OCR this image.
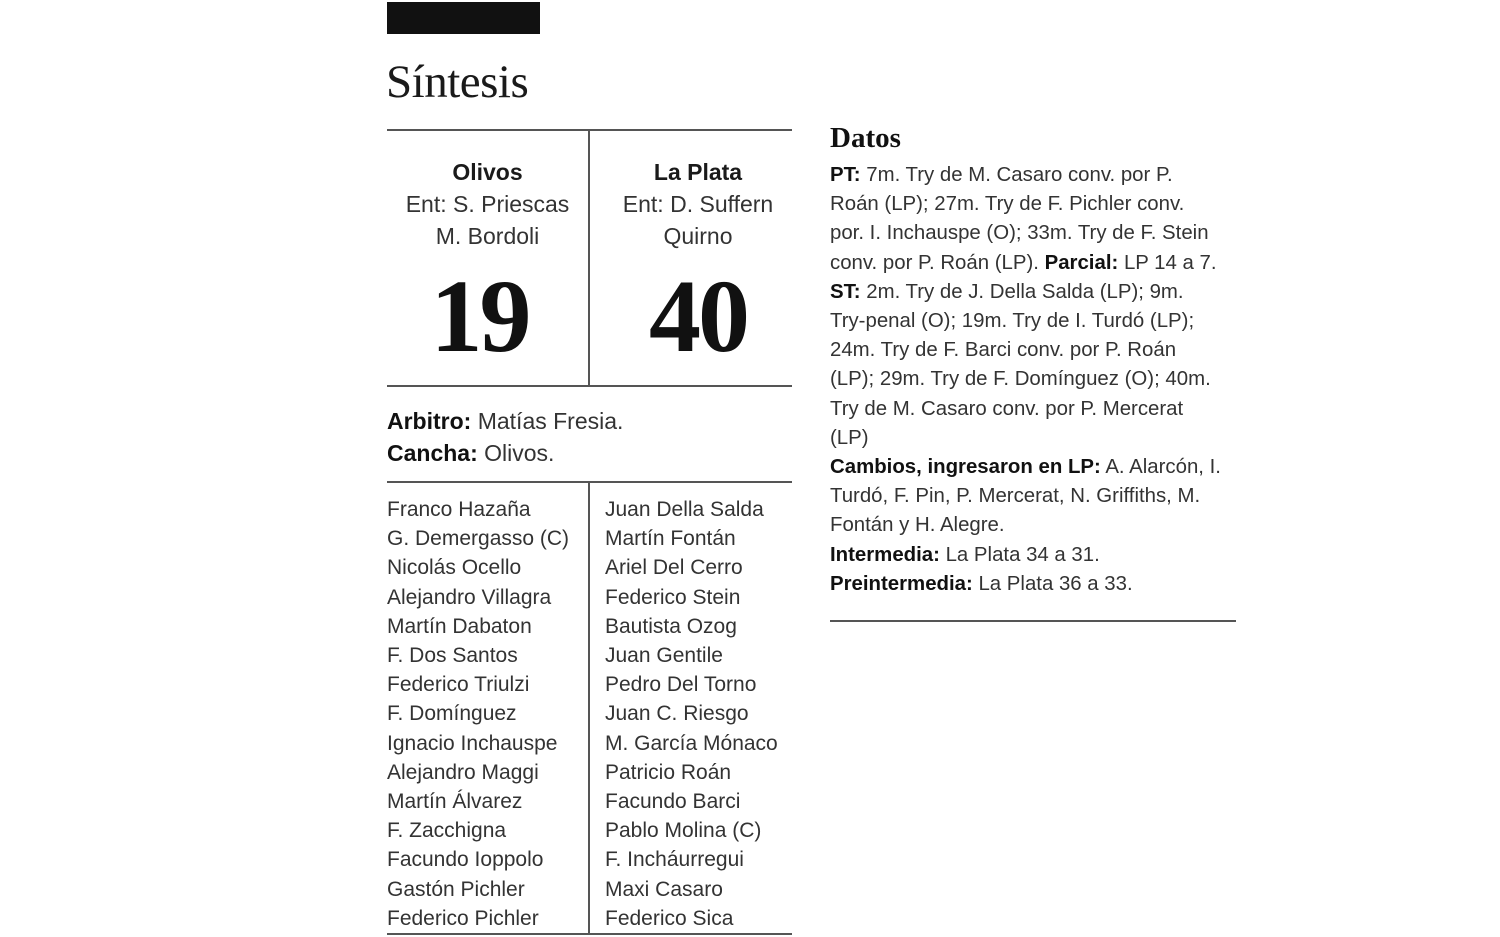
Síntesis
Olivos
Ent: S. Priescas
M. Bordoli
19
La Plata
Ent: D. Suffern
Quirno
40
Arbitro: Matías Fresia.
Cancha: Olivos.
Franco Hazaña
G. Demergasso (C)
Nicolás Ocello
Alejandro Villagra
Martín Dabaton
F. Dos Santos
Federico Triulzi
F. Domínguez
Ignacio Inchauspe
Alejandro Maggi
Martín Álvarez
F. Zacchigna
Facundo Ioppolo
Gastón Pichler
Federico Pichler
Juan Della Salda
Martín Fontán
Ariel Del Cerro
Federico Stein
Bautista Ozog
Juan Gentile
Pedro Del Torno
Juan C. Riesgo
M. García Mónaco
Patricio Roán
Facundo Barci
Pablo Molina (C)
F. Incháurregui
Maxi Casaro
Federico Sica
Datos
PT: 7m. Try de M. Casaro conv. por P.
Roán (LP); 27m. Try de F. Pichler conv.
por. I. Inchauspe (O); 33m. Try de F. Stein
conv. por P. Roán (LP). Parcial: LP 14 a 7.
ST: 2m. Try de J. Della Salda (LP); 9m.
Try-penal (O); 19m. Try de I. Turdó (LP);
24m. Try de F. Barci conv. por P. Roán
(LP); 29m. Try de F. Domínguez (O); 40m.
Try de M. Casaro conv. por P. Mercerat
(LP)
Cambios, ingresaron en LP: A. Alarcón, I.
Turdó, F. Pin, P. Mercerat, N. Griffiths, M.
Fontán y H. Alegre.
Intermedia: La Plata 34 a 31.
Preintermedia: La Plata 36 a 33.
